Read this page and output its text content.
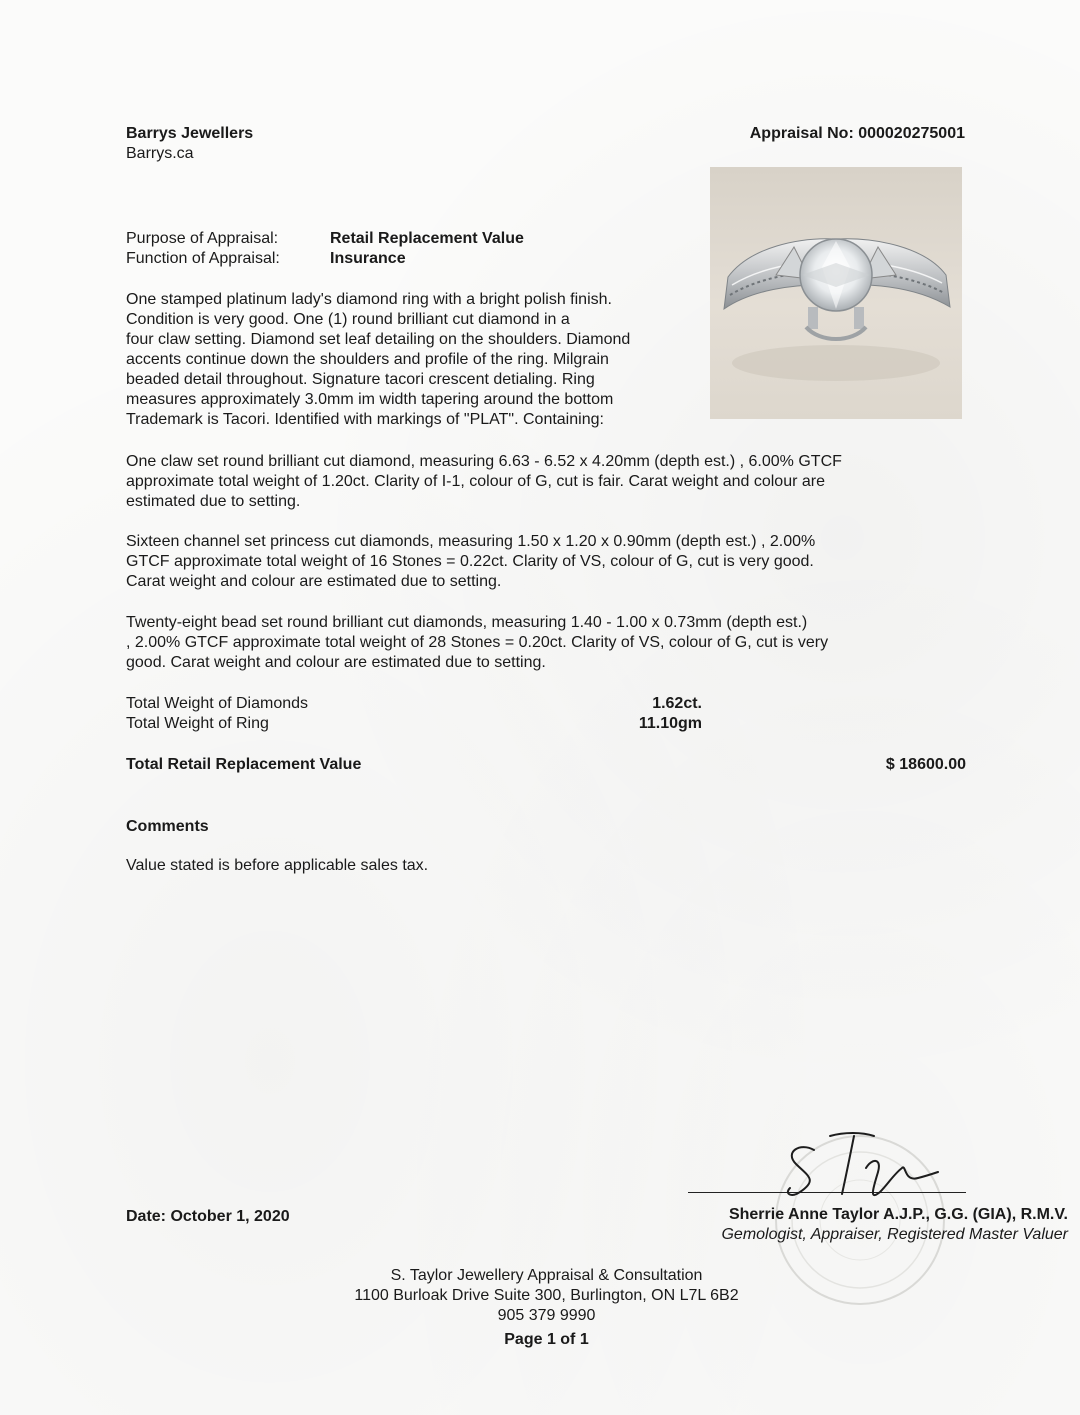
Barrys Jewellers
Barrys.ca
Appraisal No: 000020275001
Purpose of Appraisal:	Retail Replacement Value
Function of Appraisal:	Insurance
One stamped platinum lady's diamond ring with a bright polish finish.
Condition is very good. One (1) round brilliant cut diamond in a
four claw setting. Diamond set leaf detailing on the shoulders. Diamond
accents continue down the shoulders and profile of the ring. Milgrain
beaded detail throughout. Signature tacori crescent detialing. Ring
measures approximately 3.0mm im width tapering around the bottom
Trademark is Tacori. Identified with markings of "PLAT". Containing:
One claw set round brilliant cut diamond, measuring 6.63 - 6.52 x 4.20mm (depth est.) , 6.00% GTCF
approximate total weight of 1.20ct. Clarity of I-1, colour of G, cut is fair. Carat weight and colour are
estimated due to setting.
Sixteen channel set princess cut diamonds, measuring 1.50 x 1.20 x 0.90mm (depth est.) , 2.00%
GTCF approximate total weight of 16 Stones = 0.22ct. Clarity of VS, colour of G, cut is very good.
Carat weight and colour are estimated due to setting.
Twenty-eight bead set round brilliant cut diamonds, measuring 1.40 - 1.00 x 0.73mm (depth est.)
, 2.00% GTCF approximate total weight of 28 Stones = 0.20ct. Clarity of VS, colour of G, cut is very
good. Carat weight and colour are estimated due to setting.
Total Weight of Diamonds	1.62ct.
Total Weight of Ring	11.10gm
Total Retail Replacement Value	$ 18600.00
Comments
Value stated is before applicable sales tax.
Date: October 1, 2020	Sherrie Anne Taylor A.J.P., G.G. (GIA), R.M.V.
Gemologist, Appraiser, Registered Master Valuer
S. Taylor Jewellery Appraisal & Consultation
1100 Burloak Drive Suite 300, Burlington, ON L7L 6B2
905 379 9990
Page 1 of 1
